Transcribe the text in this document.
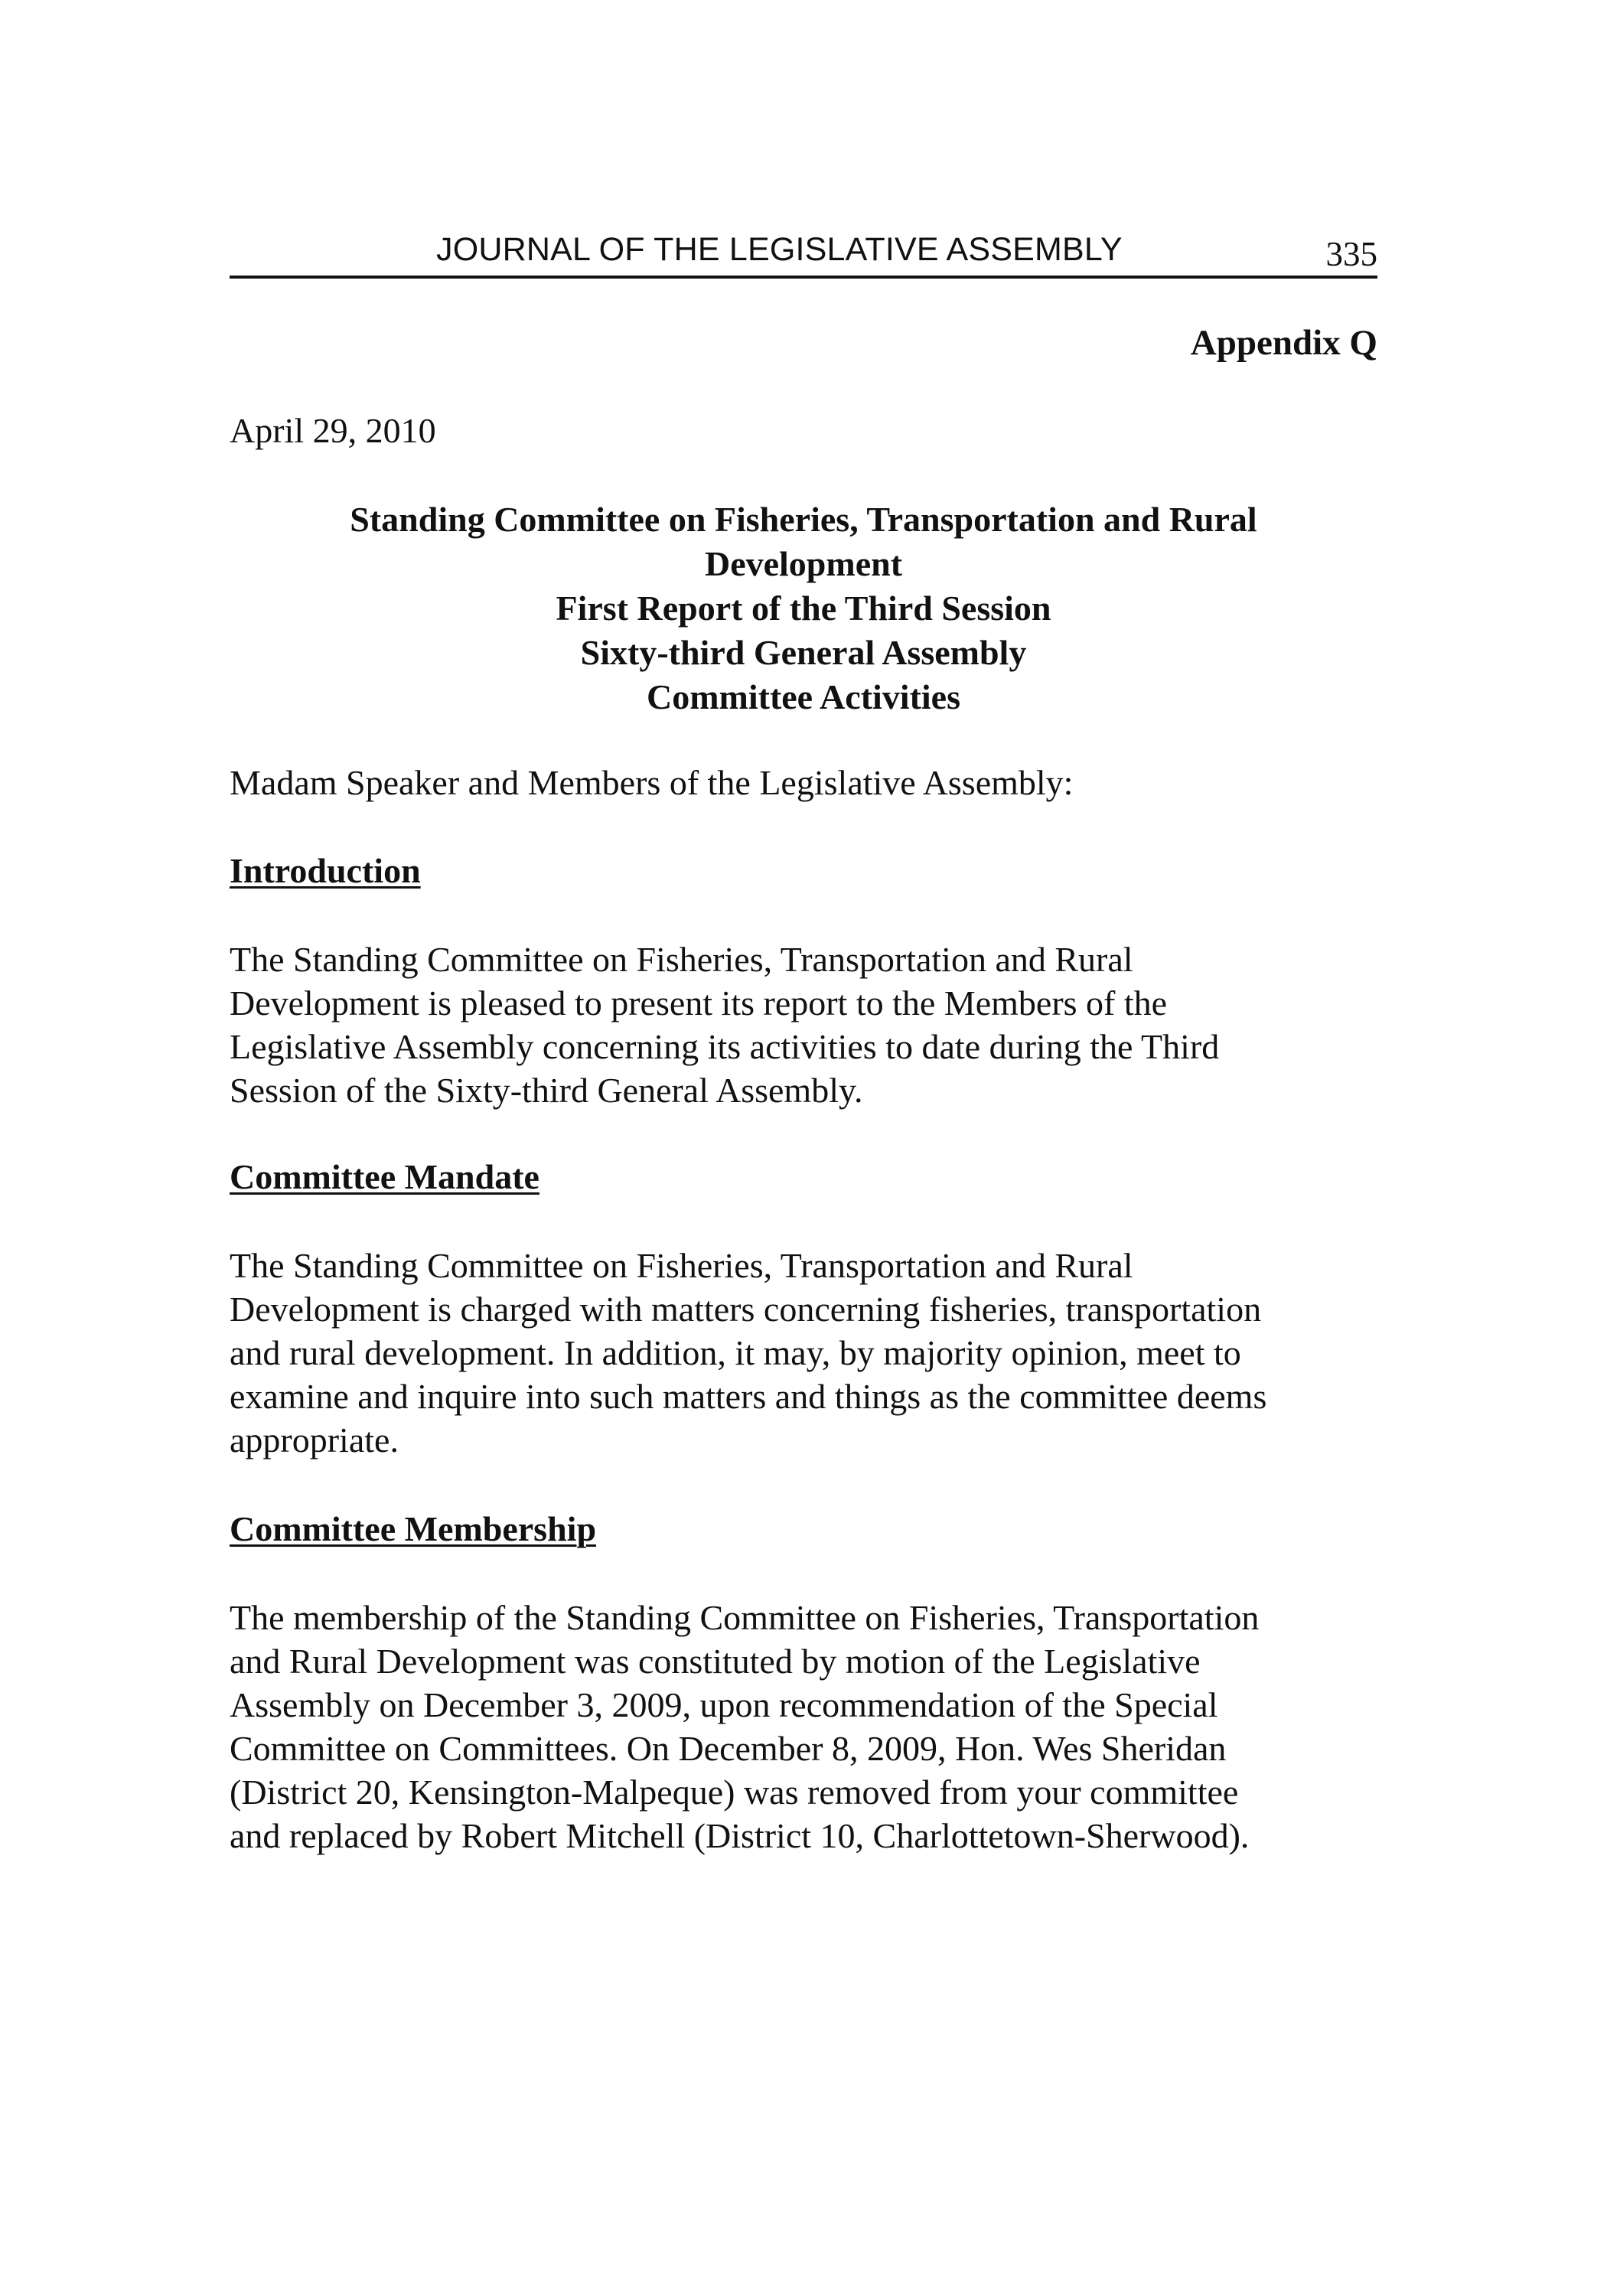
JOURNAL OF THE LEGISLATIVE ASSEMBLY	335
Appendix Q
April 29, 2010
Standing Committee on Fisheries, Transportation and Rural
Development
First Report of the Third Session
Sixty-third General Assembly
Committee Activities
Madam Speaker and Members of the Legislative Assembly:
Introduction
The Standing Committee on Fisheries, Transportation and Rural
Development is pleased to present its report to the Members of the
Legislative Assembly concerning its activities to date during the Third
Session of the Sixty-third General Assembly.
Committee Mandate
The Standing Committee on Fisheries, Transportation and Rural
Development is charged with matters concerning fisheries, transportation
and rural development. In addition, it may, by majority opinion, meet to
examine and inquire into such matters and things as the committee deems
appropriate.
Committee Membership
The membership of the Standing Committee on Fisheries, Transportation
and Rural Development was constituted by motion of the Legislative
Assembly on December 3, 2009, upon recommendation of the Special
Committee on Committees. On December 8, 2009, Hon. Wes Sheridan
(District 20, Kensington-Malpeque) was removed from your committee
and replaced by Robert Mitchell (District 10, Charlottetown-Sherwood).
